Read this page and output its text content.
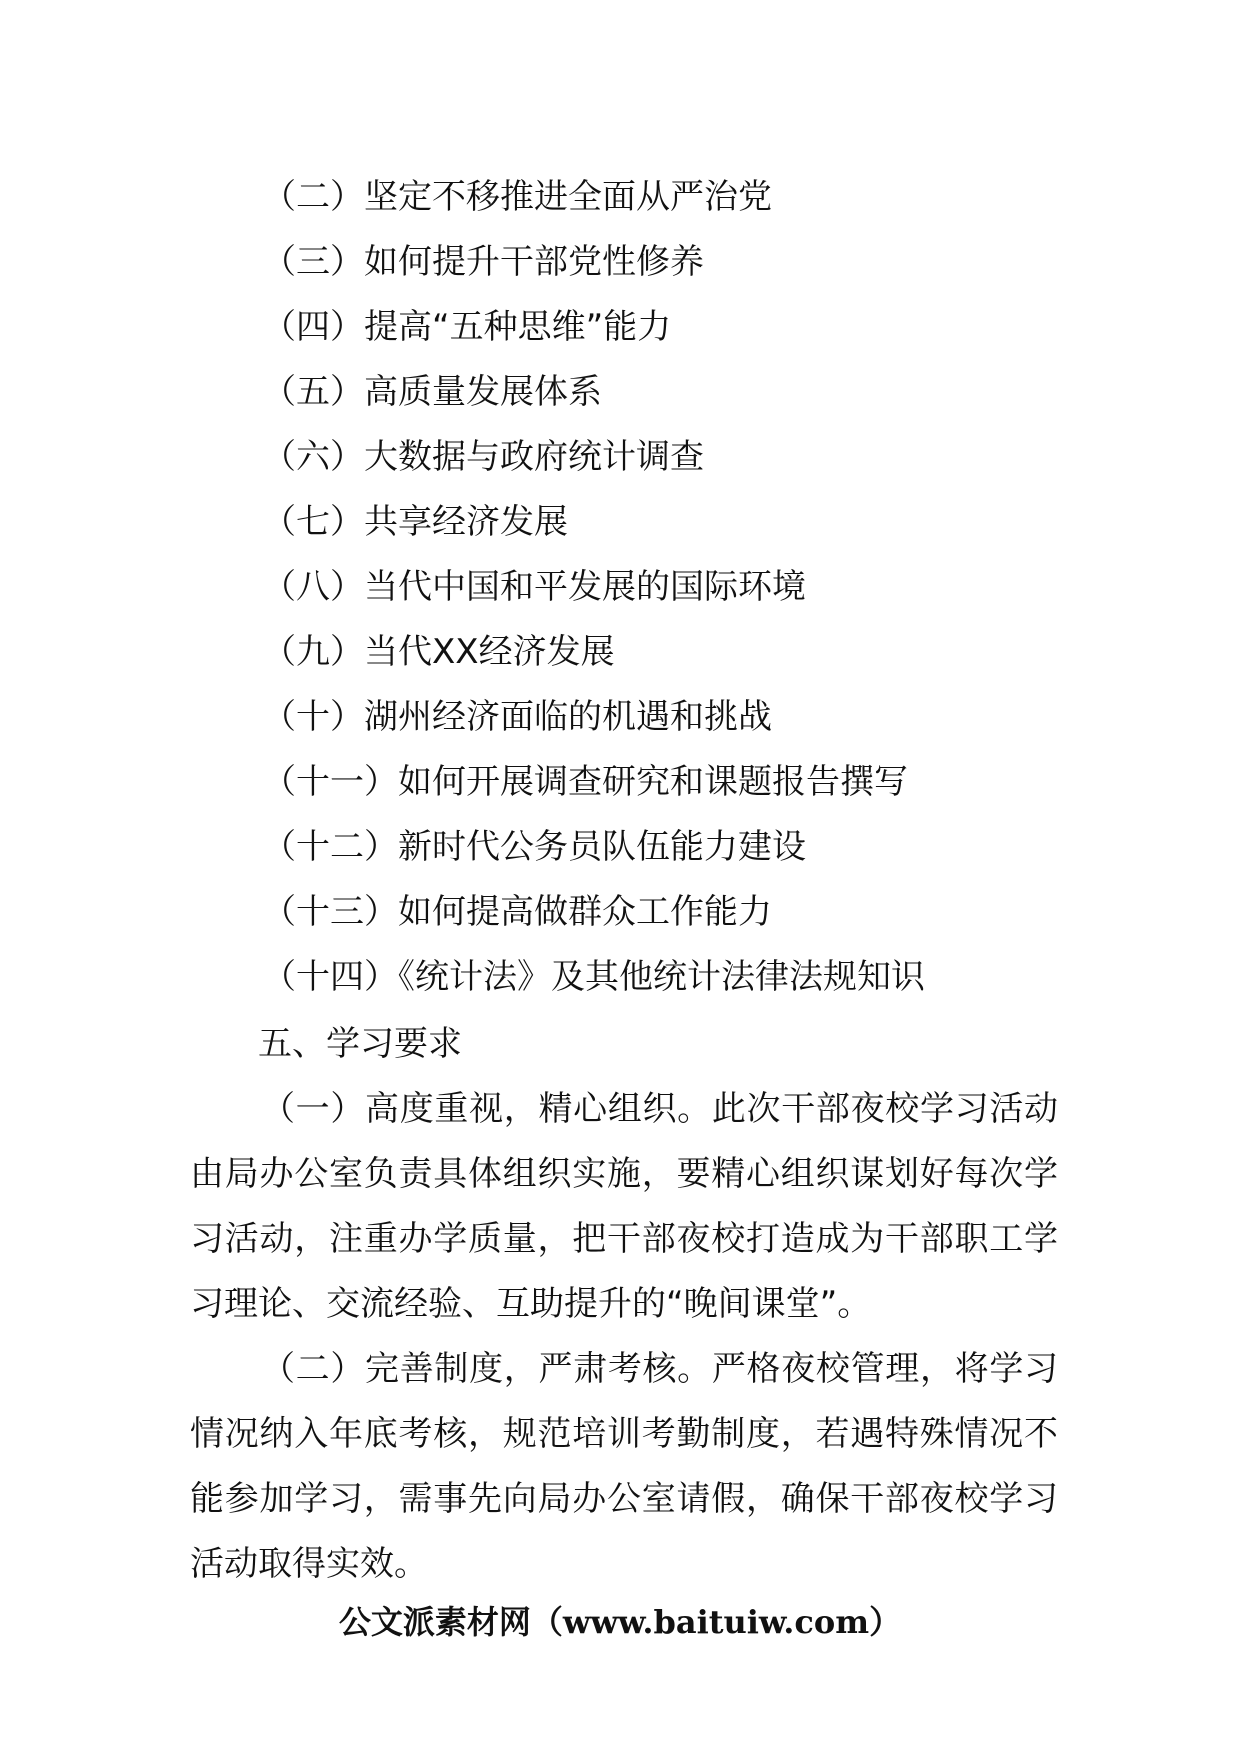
（二）坚定不移推进全面从严治党
（三）如何提升干部党性修养
（四）提高“五种思维”能力
（五）高质量发展体系
（六）大数据与政府统计调查
（七）共享经济发展
（八）当代中国和平发展的国际环境
（九）当代XX经济发展
（十）湖州经济面临的机遇和挑战
（十一）如何开展调查研究和课题报告撰写
（十二）新时代公务员队伍能力建设
（十三）如何提高做群众工作能力
（十四）《统计法》及其他统计法律法规知识
五、学习要求

（一）高度重视，精心组织。此次干部夜校学习活动由局办公室负责具体组织实施，要精心组织谋划好每次学习活动，注重办学质量，把干部夜校打造成为干部职工学习理论、交流经验、互助提升的“晚间课堂”。

（二）完善制度，严肃考核。严格夜校管理，将学习情况纳入年底考核，规范培训考勤制度，若遇特殊情况不能参加学习，需事先向局办公室请假，确保干部夜校学习活动取得实效。

公文派素材网（www.baituiw.com）
